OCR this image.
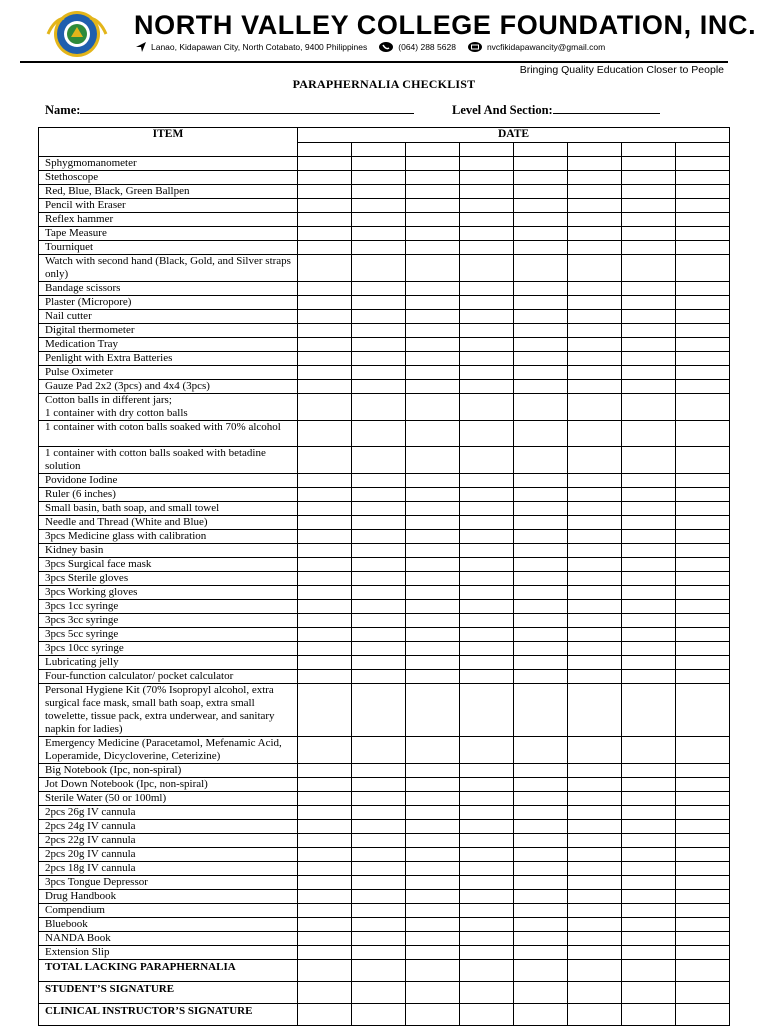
NORTH VALLEY COLLEGE FOUNDATION, INC.
Lanao, Kidapawan City, North Cotabato, 9400 Philippines	(064) 288 5628	nvcfikidapawancity@gmail.com
Bringing Quality Education Closer to People
PARAPHERNALIA CHECKLIST
Name:	Level And Section:
ITEM	DATE							

Sphygmomanometer								
Stethoscope								
Red, Blue, Black, Green Ballpen								
Pencil with Eraser								
Reflex hammer								
Tape Measure								
Tourniquet								
Watch with second hand (Black, Gold, and Silver straps only)								
Bandage scissors								
Plaster (Micropore)								
Nail cutter								
Digital thermometer								
Medication Tray								
Penlight with Extra Batteries								
Pulse Oximeter								
Gauze Pad 2x2 (3pcs) and 4x4 (3pcs)								
Cotton balls in different jars;
1 container with dry cotton balls								
1 container with coton balls soaked with 70% alcohol								
1 container with cotton balls soaked with betadine solution								
Povidone Iodine								
Ruler (6 inches)								
Small basin, bath soap, and small towel								
Needle and Thread (White and Blue)								
3pcs Medicine glass with calibration								
Kidney basin								
3pcs Surgical face mask								
3pcs Sterile gloves								
3pcs Working gloves								
3pcs 1cc syringe								
3pcs 3cc syringe								
3pcs 5cc syringe								
3pcs 10cc syringe								
Lubricating jelly								
Four-function calculator/ pocket calculator								
Personal Hygiene Kit (70% Isopropyl alcohol, extra surgical face mask, small bath soap, extra small towelette, tissue pack, extra underwear, and sanitary napkin for ladies)								
Emergency Medicine (Paracetamol, Mefenamic Acid, Loperamide, Dicycloverine, Ceterizine)								
Big Notebook (Ipc, non-spiral)								
Jot Down Notebook (Ipc, non-spiral)								
Sterile Water (50 or 100ml)								
2pcs 26g IV cannula								
2pcs 24g IV cannula								
2pcs 22g IV cannula								
2pcs 20g IV cannula								
2pcs 18g IV cannula								
3pcs Tongue Depressor								
Drug Handbook								
Compendium								
Bluebook								
NANDA Book								
Extension Slip								
TOTAL LACKING PARAPHERNALIA								
STUDENT’S SIGNATURE								
CLINICAL INSTRUCTOR’S SIGNATURE								
